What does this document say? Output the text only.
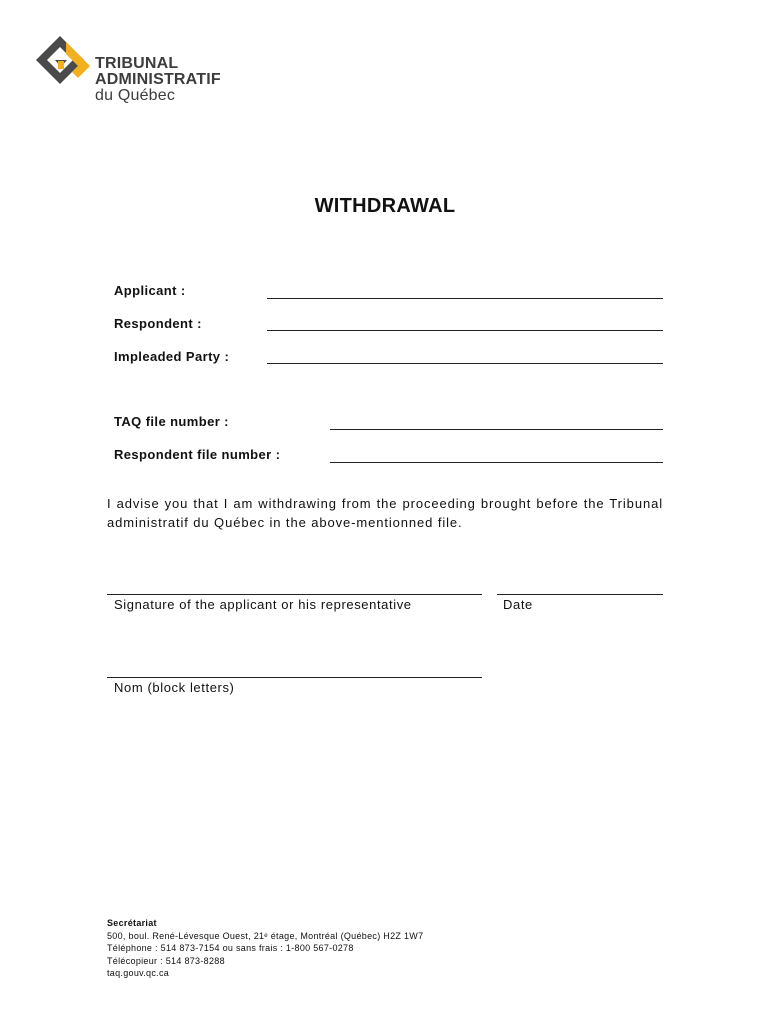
TRIBUNAL
ADMINISTRATIF
du Québec
WITHDRAWAL
Applicant :
Respondent :
Impleaded Party :
TAQ file number :
Respondent file number :
I advise you that I am withdrawing from the proceeding brought before the Tribunal administratif du Québec in the above-mentionned file.
Signature of the applicant or his representative	Date
Nom (block letters)
Secrétariat
500, boul. René-Lévesque Ouest, 21ᵉ étage, Montréal (Québec) H2Z 1W7
Téléphone : 514 873-7154 ou sans frais : 1-800 567-0278
Télécopieur : 514 873-8288
taq.gouv.qc.ca
